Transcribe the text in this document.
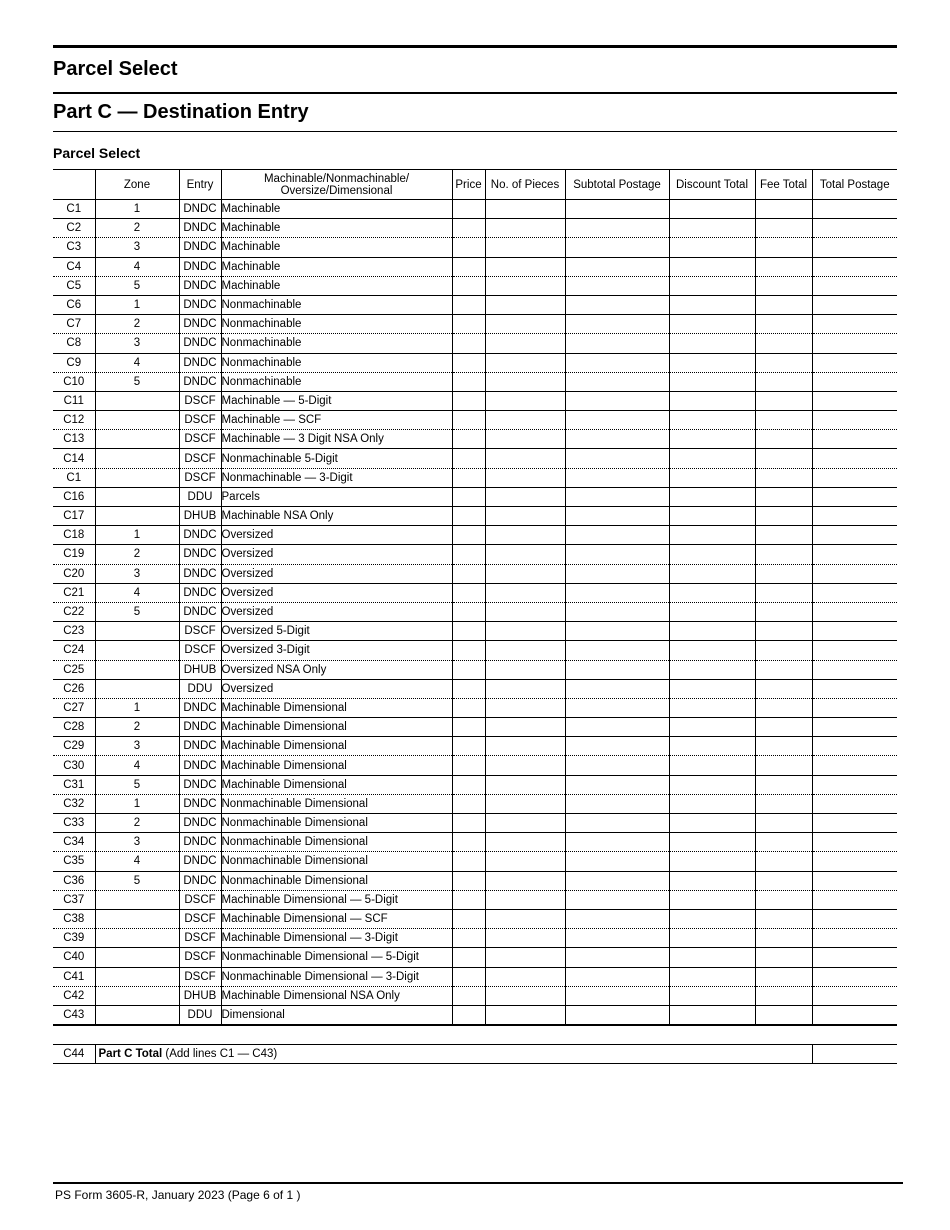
Parcel Select
Part C — Destination Entry
Parcel Select
	Zone	Entry	Machinable/Nonmachinable/ Oversize/Dimensional	Price	No. of Pieces	Subtotal Postage	Discount Total	Fee Total	Total Postage
C1	1	DNDC	Machinable						
C2	2	DNDC	Machinable						
C3	3	DNDC	Machinable						
C4	4	DNDC	Machinable						
C5	5	DNDC	Machinable						
C6	1	DNDC	Nonmachinable						
C7	2	DNDC	Nonmachinable						
C8	3	DNDC	Nonmachinable						
C9	4	DNDC	Nonmachinable						
C10	5	DNDC	Nonmachinable						
C11		DSCF	Machinable — 5-Digit						
C12		DSCF	Machinable — SCF						
C13		DSCF	Machinable — 3 Digit NSA Only						
C14		DSCF	Nonmachinable 5-Digit						
C1		DSCF	Nonmachinable — 3-Digit						
C16		DDU	Parcels						
C17		DHUB	Machinable NSA Only						
C18	1	DNDC	Oversized						
C19	2	DNDC	Oversized						
C20	3	DNDC	Oversized						
C21	4	DNDC	Oversized						
C22	5	DNDC	Oversized						
C23		DSCF	Oversized 5-Digit						
C24		DSCF	Oversized 3-Digit						
C25		DHUB	Oversized NSA Only						
C26		DDU	Oversized						
C27	1	DNDC	Machinable Dimensional						
C28	2	DNDC	Machinable Dimensional						
C29	3	DNDC	Machinable Dimensional						
C30	4	DNDC	Machinable Dimensional						
C31	5	DNDC	Machinable Dimensional						
C32	1	DNDC	Nonmachinable Dimensional						
C33	2	DNDC	Nonmachinable Dimensional						
C34	3	DNDC	Nonmachinable Dimensional						
C35	4	DNDC	Nonmachinable Dimensional						
C36	5	DNDC	Nonmachinable Dimensional						
C37		DSCF	Machinable Dimensional — 5-Digit						
C38		DSCF	Machinable Dimensional — SCF						
C39		DSCF	Machinable Dimensional — 3-Digit						
C40		DSCF	Nonmachinable Dimensional — 5-Digit						
C41		DSCF	Nonmachinable Dimensional — 3-Digit						
C42		DHUB	Machinable Dimensional NSA Only						
C43		DDU	Dimensional						
C44	Part C Total (Add lines C1 — C43)	
PS Form 3605-R, January 2023 (Page 6 of 1 )
